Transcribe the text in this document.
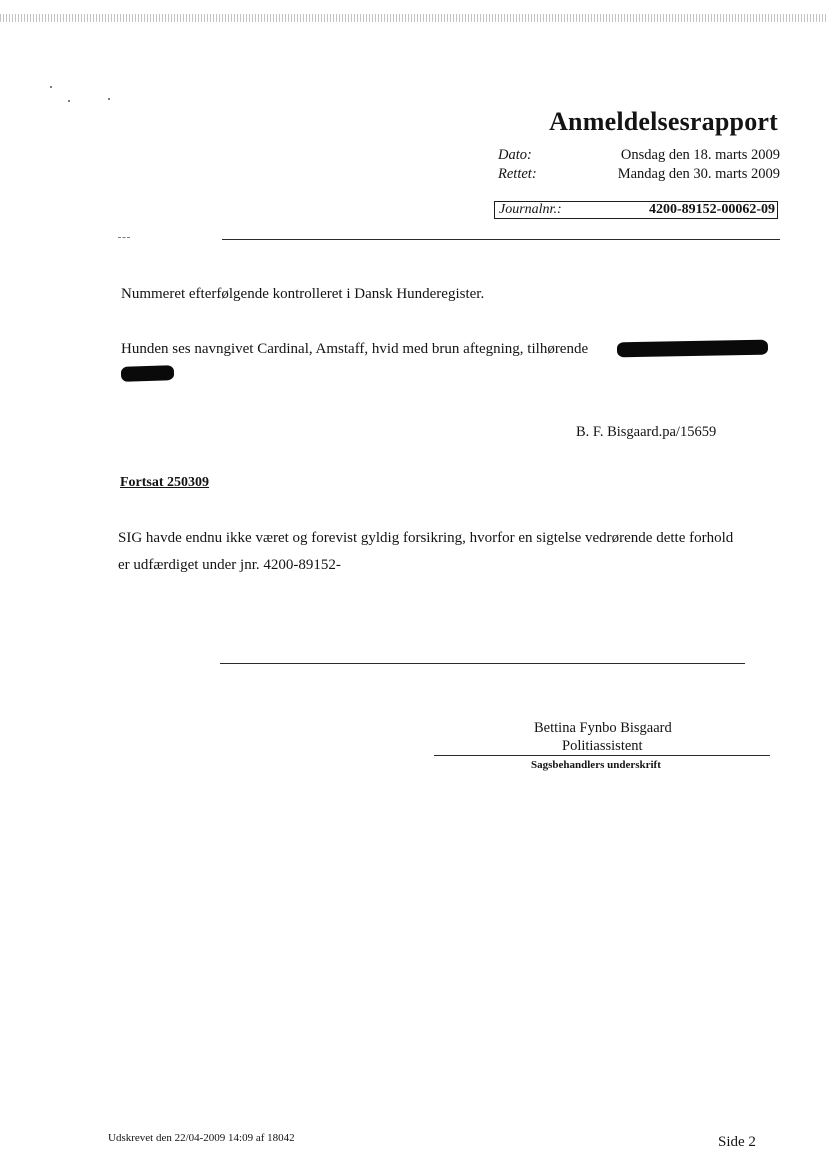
Anmeldelsesrapport
Dato:	Onsdag den 18. marts 2009
Rettet:	Mandag den 30. marts 2009
Journalnr.:	4200-89152-00062-09
Nummeret efterfølgende kontrolleret i Dansk Hunderegister.
Hunden ses navngivet Cardinal, Amstaff, hvid med brun aftegning, tilhørende
B. F. Bisgaard.pa/15659
Fortsat 250309
SIG havde endnu ikke været og forevist gyldig forsikring, hvorfor en sigtelse vedrørende dette forhold
er udfærdiget under jnr. 4200-89152-
Bettina Fynbo Bisgaard
Politiassistent
Sagsbehandlers underskrift
Udskrevet den 22/04-2009 14:09 af 18042	Side 2
